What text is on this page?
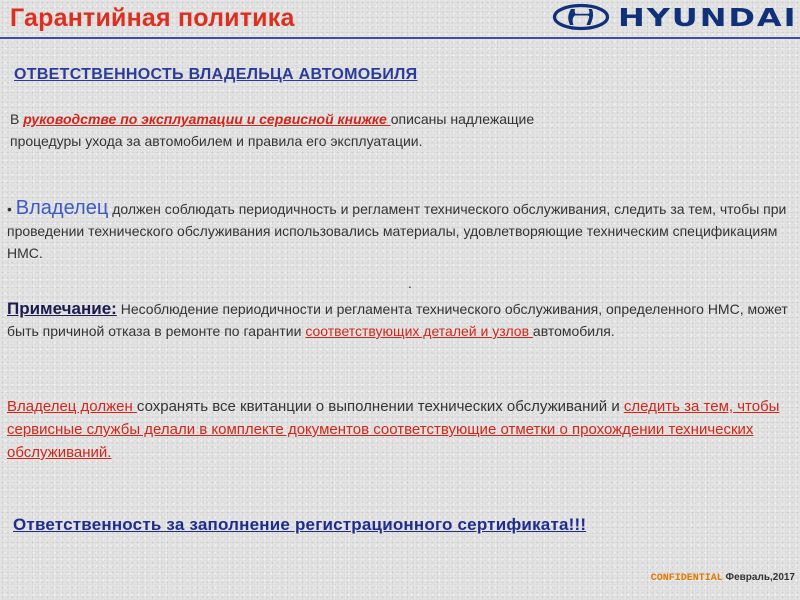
Гарантийная политика	HYUNDAI
ОТВЕТСТВЕННОСТЬ ВЛАДЕЛЬЦА АВТОМОБИЛЯ
В руководстве по эксплуатации и сервисной книжке описаны надлежащие
процедуры ухода за автомобилем и правила его эксплуатации.
• Владелец должен соблюдать периодичность и регламент технического обслуживания, следить за тем, чтобы при проведении технического обслуживания использовались материалы, удовлетворяющие техническим спецификациям НМС.
.
Примечание: Несоблюдение периодичности и регламента технического обслуживания, определенного НМС, может быть причиной отказа в ремонте по гарантии соответствующих деталей и узлов автомобиля.
Владелец должен сохранять все квитанции о выполнении технических обслуживаний и следить за тем, чтобы сервисные службы делали в комплекте документов соответствующие отметки о прохождении технических обслуживаний.
Ответственность за заполнение регистрационного сертификата!!!
CONFIDENTIAL Февраль,2017
